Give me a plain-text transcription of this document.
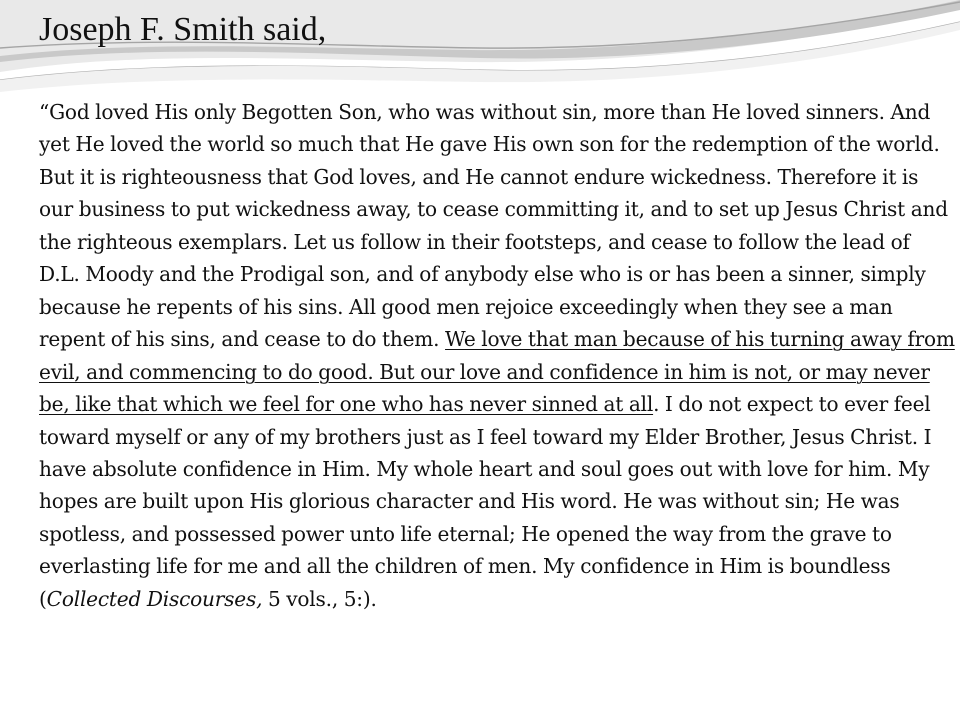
Joseph F. Smith said,

“God loved His only Begotten Son, who was without sin, more than He loved sinners. And yet He loved the world so much that He gave His own son for the redemption of the world. But it is righteousness that God loves, and He cannot endure wickedness. Therefore it is our business to put wickedness away, to cease committing it, and to set up Jesus Christ and the righteous exemplars. Let us follow in their footsteps, and cease to follow the lead of D.L. Moody and the Prodigal son, and of anybody else who is or has been a sinner, simply because he repents of his sins. All good men rejoice exceedingly when they see a man repent of his sins, and cease to do them. We love that man because of his turning away from evil, and commencing to do good. But our love and confidence in him is not, or may never be, like that which we feel for one who has never sinned at all. I do not expect to ever feel toward myself or any of my brothers just as I feel toward my Elder Brother, Jesus Christ. I have absolute confidence in Him. My whole heart and soul goes out with love for him. My hopes are built upon His glorious character and His word. He was without sin; He was spotless, and possessed power unto life eternal; He opened the way from the grave to everlasting life for me and all the children of men. My confidence in Him is boundless (Collected Discourses, 5 vols., 5:).
